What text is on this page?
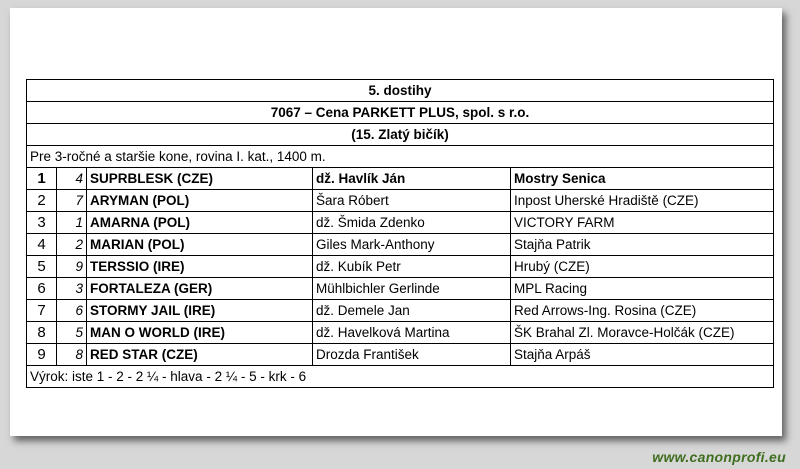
5. dostihy				
7067 – Cena PARKETT PLUS, spol. s r.o.				
(15. Zlatý bičík)				
Pre 3-ročné a staršie kone, rovina I. kat., 1400 m.				
1	4	SUPRBLESK (CZE)	dž. Havlík Ján	Mostry Senica
2	7	ARYMAN (POL)	Šara Róbert	Inpost Uherské Hradiště (CZE)
3	1	AMARNA (POL)	dž. Šmida Zdenko	VICTORY FARM
4	2	MARIAN (POL)	Giles Mark-Anthony	Stajňa Patrik
5	9	TERSSIO (IRE)	dž. Kubík Petr	Hrubý (CZE)
6	3	FORTALEZA (GER)	Mühlbichler Gerlinde	MPL Racing
7	6	STORMY JAIL (IRE)	dž. Demele Jan	Red Arrows-Ing. Rosina (CZE)
8	5	MAN O WORLD (IRE)	dž. Havelková Martina	ŠK Brahal Zl. Moravce-Holčák (CZE)
9	8	RED STAR (CZE)	Drozda František	Stajňa Arpáš
Výrok: iste 1 - 2 - 2 ¼ - hlava - 2 ¼ - 5 - krk - 6				
www.canonprofi.eu
